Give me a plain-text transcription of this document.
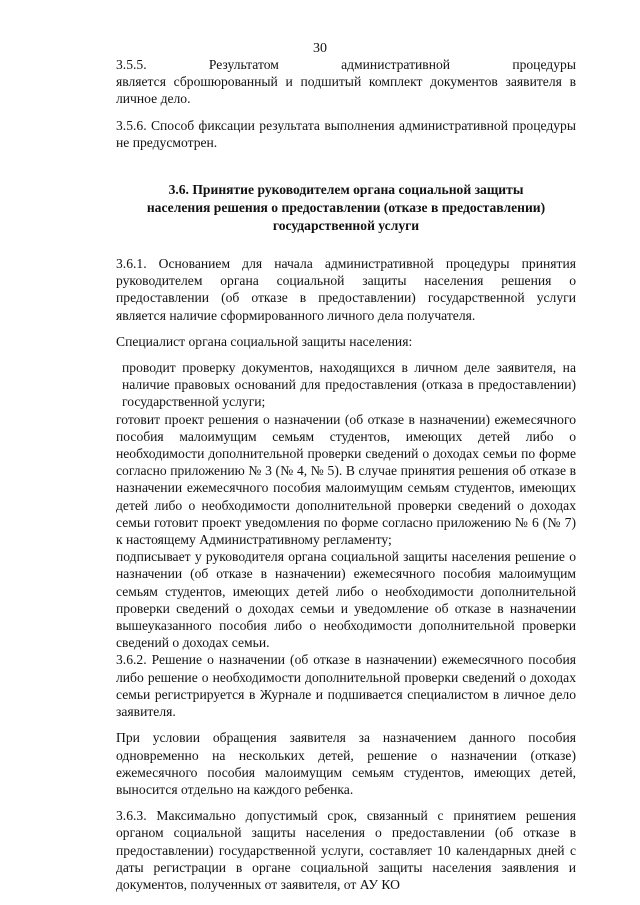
30

3.5.5.	Результатом	административной	процедуры

является сброшюрованный и подшитый комплект документов заявителя в личное дело.

3.5.6. Способ фиксации результата выполнения административной процедуры не предусмотрен.

3.6. Принятие руководителем органа социальной защиты
населения решения о предоставлении (отказе в предоставлении)
государственной услуги

3.6.1. Основанием для начала административной процедуры принятия руководителем органа социальной защиты населения решения о предоставлении (об отказе в предоставлении) государственной услуги является наличие сформированного личного дела получателя.

Специалист органа социальной защиты населения:

проводит проверку документов, находящихся в личном деле заявителя, на наличие правовых оснований для предоставления (отказа в предоставлении) государственной услуги;

готовит проект решения о назначении (об отказе в назначении) ежемесячного пособия малоимущим семьям студентов, имеющих детей либо о необходимости дополнительной проверки сведений о доходах семьи по форме согласно приложению № 3 (№ 4, № 5). В случае принятия решения об отказе в назначении ежемесячного пособия малоимущим семьям студентов, имеющих детей либо о необходимости дополнительной проверки сведений о доходах семьи готовит проект уведомления по форме согласно приложению № 6 (№ 7) к настоящему Административному регламенту;

подписывает у руководителя органа социальной защиты населения решение о назначении (об отказе в назначении) ежемесячного пособия малоимущим семьям студентов, имеющих детей либо о необходимости дополнительной проверки сведений о доходах семьи и уведомление об отказе в назначении вышеуказанного пособия либо о необходимости дополнительной проверки сведений о доходах семьи.

3.6.2. Решение о назначении (об отказе в назначении) ежемесячного пособия либо решение о необходимости дополнительной проверки сведений о доходах семьи регистрируется в Журнале и подшивается специалистом в личное дело заявителя.

При условии обращения заявителя за назначением данного пособия одновременно на нескольких детей, решение о назначении (отказе) ежемесячного пособия малоимущим семьям студентов, имеющих детей, выносится отдельно на каждого ребенка.

3.6.3. Максимально допустимый срок, связанный с принятием решения органом социальной защиты населения о предоставлении (об отказе в предоставлении) государственной услуги, составляет 10 календарных дней с даты регистрации в органе социальной защиты населения заявления и документов, полученных от заявителя, от АУ КО
